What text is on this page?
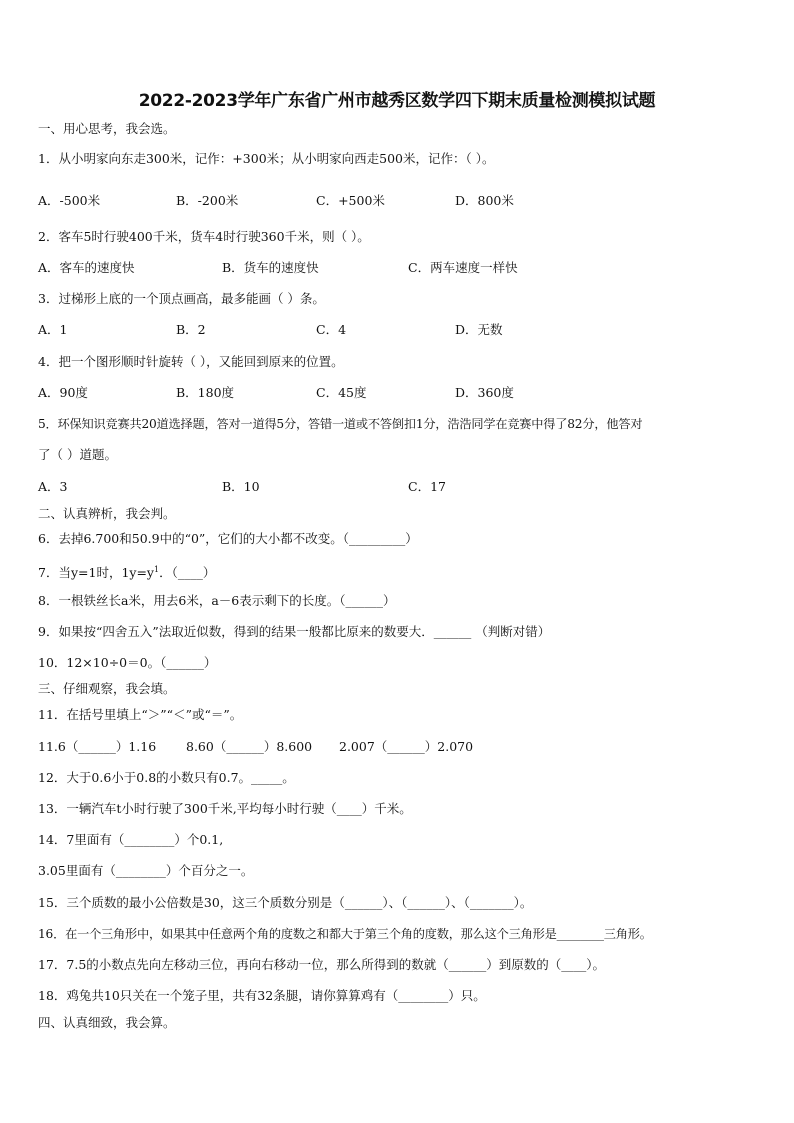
2022-2023学年广东省广州市越秀区数学四下期末质量检测模拟试题
一、用心思考，我会选。
1．从小明家向东走300米，记作：+300米；从小明家向西走500米，记作：（ ）。
A．-500米	B．-200米	C．+500米	D．800米
2．客车5时行驶400千米，货车4时行驶360千米，则（ ）。
A．客车的速度快	B．货车的速度快	C．两车速度一样快
3．过梯形上底的一个顶点画高，最多能画（ ）条。
A．1	B．2	C．4	D．无数
4．把一个图形顺时针旋转（ ），又能回到原来的位置。
A．90度	B．180度	C．45度	D．360度
5．环保知识竞赛共20道选择题，答对一道得5分，答错一道或不答倒扣1分，浩浩同学在竞赛中得了82分，他答对
了（ ）道题。
A．3	B．10	C．17
二、认真辨析，我会判。
6．去掉6.700和50.9中的“0”，它们的大小都不改变。（_________）
7．当y=1时，$1y=y^1$．（____）
8．一根铁丝长a米，用去6米，a－6表示剩下的长度。（______）
9．如果按“四舍五入”法取近似数，得到的结果一般都比原来的数要大．______ （判断对错）
10．12×10÷0＝0。（______）
三、仔细观察，我会填。
11．在括号里填上“＞”“＜”或“＝”。
11.6（______）1.16 8.60（______）8.600 2.007（______）2.070
12．大于0.6小于0.8的小数只有0.7。_____。
13．一辆汽车t小时行驶了300千米,平均每小时行驶（____）千米。
14．7里面有（________）个0.1,
3.05里面有（________）个百分之一。
15．三个质数的最小公倍数是30，这三个质数分别是（______）、（______）、（_______）。
16．在一个三角形中，如果其中任意两个角的度数之和都大于第三个角的度数，那么这个三角形是________三角形。
17．7.5的小数点先向左移动三位，再向右移动一位，那么所得到的数就（______）到原数的（____）。
18．鸡兔共10只关在一个笼子里，共有32条腿，请你算算鸡有（________）只。
四、认真细致，我会算。
